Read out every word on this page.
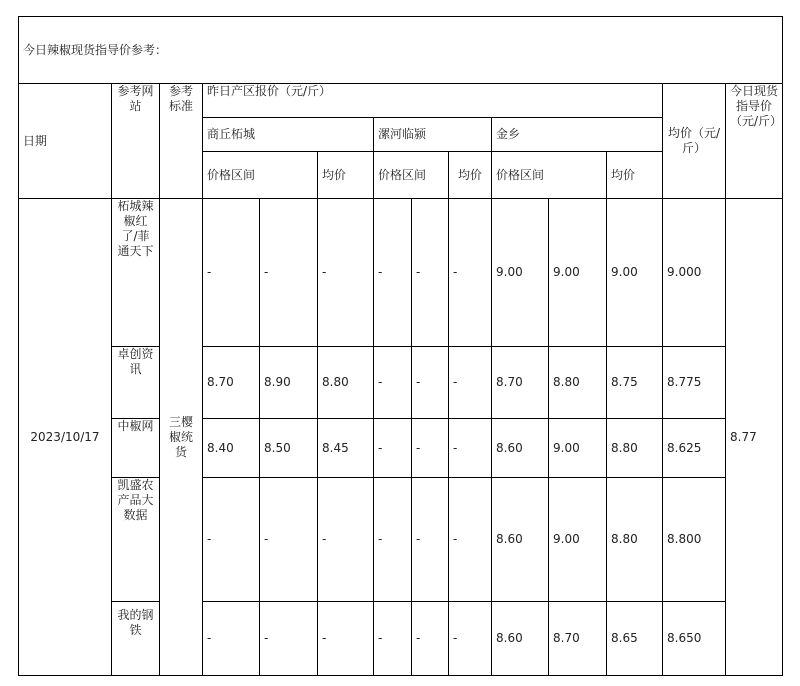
今日辣椒现货指导价参考：													
日期	参考网站	参考标准	昨日产区报价（元/斤）									均价（元/斤）	今日现货指导价（元/斤）
			商丘柘城			漯河临颍			金乡				
			价格区间		均价	价格区间		均价	价格区间		均价		
2023/10/17	柘城辣椒红了/菲通天下	三樱椒统货	-	-	-	-	-	-	9.00	9.00	9.00	9.000	8.77
	卓创资讯		8.70	8.90	8.80	-	-	-	8.70	8.80	8.75	8.775	
	中椒网		8.40	8.50	8.45	-	-	-	8.60	9.00	8.80	8.625	
	凯盛农产品大数据		-	-	-	-	-	-	8.60	9.00	8.80	8.800	
	我的钢铁		-	-	-	-	-	-	8.60	8.70	8.65	8.650	
